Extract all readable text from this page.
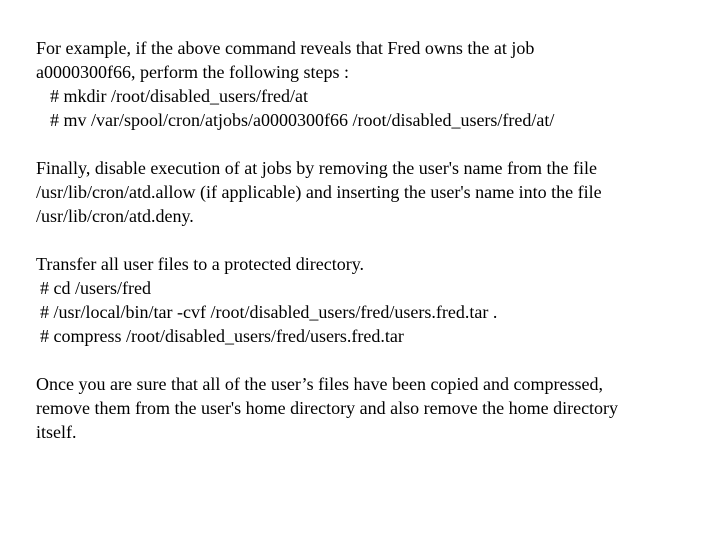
For example, if the above command reveals that Fred owns the at job
a0000300f66, perform the following steps :
# mkdir /root/disabled_users/fred/at
# mv /var/spool/cron/atjobs/a0000300f66 /root/disabled_users/fred/at/
Finally, disable execution of at jobs by removing the user's name from the file
/usr/lib/cron/atd.allow (if applicable) and inserting the user's name into the file
/usr/lib/cron/atd.deny.
Transfer all user files to a protected directory.
# cd /users/fred
# /usr/local/bin/tar -cvf /root/disabled_users/fred/users.fred.tar .
# compress /root/disabled_users/fred/users.fred.tar
Once you are sure that all of the user’s files have been copied and compressed,
remove them from the user's home directory and also remove the home directory
itself.
